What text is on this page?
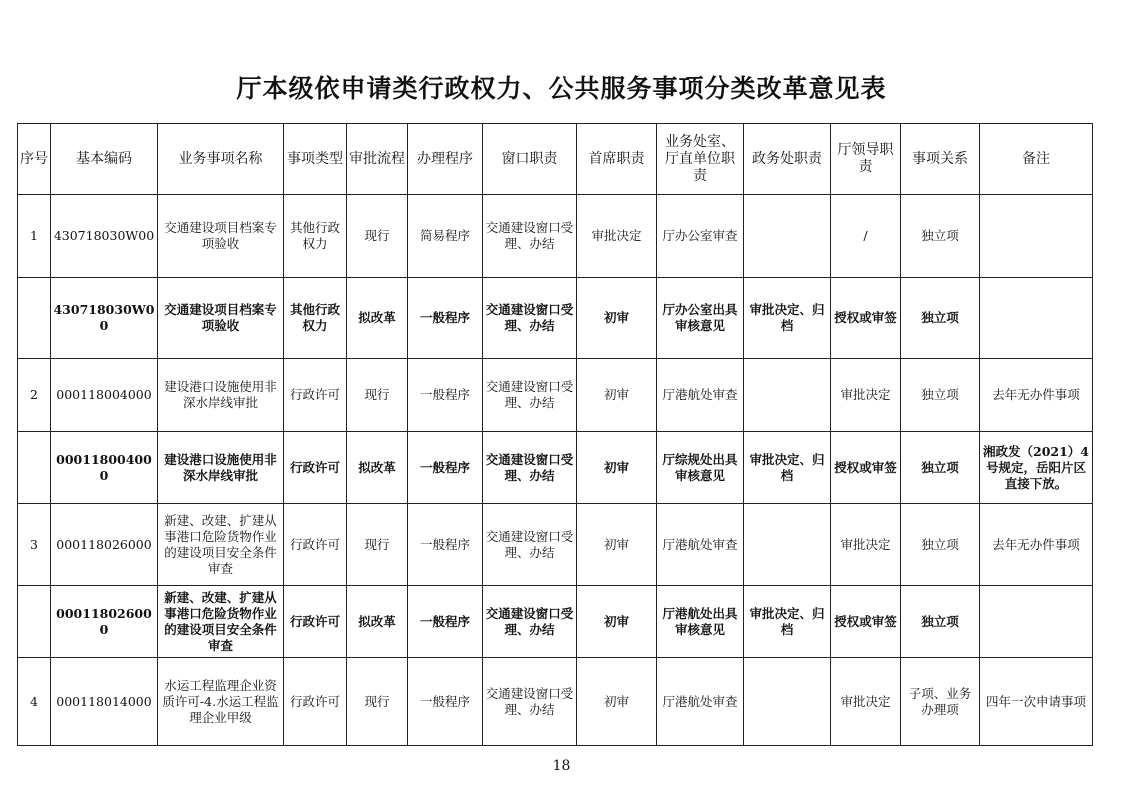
厅本级依申请类行政权力、公共服务事项分类改革意见表
序号	基本编码	业务事项名称	事项类型	审批流程	办理程序	窗口职责	首席职责	业务处室、厅直单位职责	政务处职责	厅领导职责	事项关系	备注
1	430718030W00	交通建设项目档案专项验收	其他行政权力	现行	简易程序	交通建设窗口受理、办结	审批决定	厅办公室审查		/	独立项	
	430718030W00	交通建设项目档案专项验收	其他行政权力	拟改革	一般程序	交通建设窗口受理、办结	初审	厅办公室出具审核意见	审批决定、归档	授权或审签	独立项	
2	000118004000	建设港口设施使用非深水岸线审批	行政许可	现行	一般程序	交通建设窗口受理、办结	初审	厅港航处审查		审批决定	独立项	去年无办件事项
	000118004000	建设港口设施使用非深水岸线审批	行政许可	拟改革	一般程序	交通建设窗口受理、办结	初审	厅综规处出具审核意见	审批决定、归档	授权或审签	独立项	湘政发（2021）4号规定，岳阳片区直接下放。
3	000118026000	新建、改建、扩建从事港口危险货物作业的建设项目安全条件审查	行政许可	现行	一般程序	交通建设窗口受理、办结	初审	厅港航处审查		审批决定	独立项	去年无办件事项
	000118026000	新建、改建、扩建从事港口危险货物作业的建设项目安全条件审查	行政许可	拟改革	一般程序	交通建设窗口受理、办结	初审	厅港航处出具审核意见	审批决定、归档	授权或审签	独立项	
4	000118014000	水运工程监理企业资质许可-4.水运工程监理企业甲级	行政许可	现行	一般程序	交通建设窗口受理、办结	初审	厅港航处审查		审批决定	子项、业务办理项	四年一次申请事项
18
